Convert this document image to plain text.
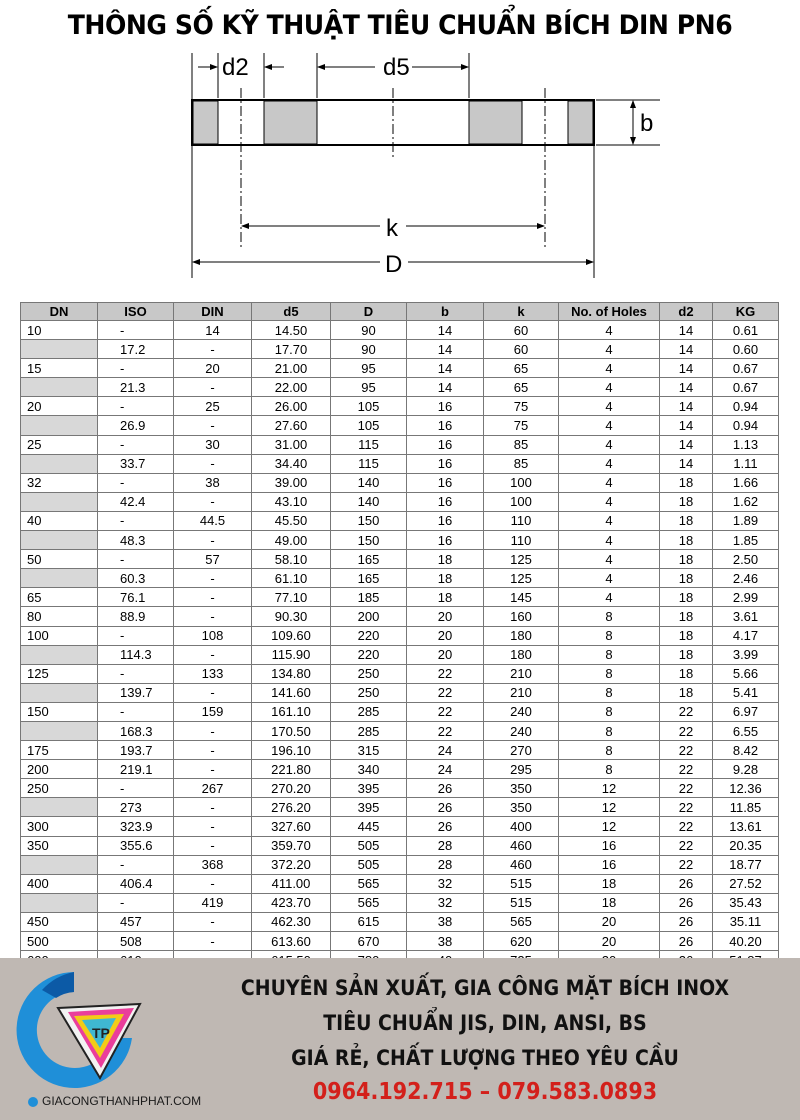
THÔNG SỐ KỸ THUẬT TIÊU CHUẨN BÍCH DIN PN6
d2	d5
b
k
D
DN	ISO	DIN	d5	D	b	k	No. of Holes	d2	KG
10	-	14	14.50	90	14	60	4	14	0.61
	17.2	-	17.70	90	14	60	4	14	0.60
15	-	20	21.00	95	14	65	4	14	0.67
	21.3	-	22.00	95	14	65	4	14	0.67
20	-	25	26.00	105	16	75	4	14	0.94
	26.9	-	27.60	105	16	75	4	14	0.94
25	-	30	31.00	115	16	85	4	14	1.13
	33.7	-	34.40	115	16	85	4	14	1.11
32	-	38	39.00	140	16	100	4	18	1.66
	42.4	-	43.10	140	16	100	4	18	1.62
40	-	44.5	45.50	150	16	110	4	18	1.89
	48.3	-	49.00	150	16	110	4	18	1.85
50	-	57	58.10	165	18	125	4	18	2.50
	60.3	-	61.10	165	18	125	4	18	2.46
65	76.1	-	77.10	185	18	145	4	18	2.99
80	88.9	-	90.30	200	20	160	8	18	3.61
100	-	108	109.60	220	20	180	8	18	4.17
	114.3	-	115.90	220	20	180	8	18	3.99
125	-	133	134.80	250	22	210	8	18	5.66
	139.7	-	141.60	250	22	210	8	18	5.41
150	-	159	161.10	285	22	240	8	22	6.97
	168.3	-	170.50	285	22	240	8	22	6.55
175	193.7	-	196.10	315	24	270	8	22	8.42
200	219.1	-	221.80	340	24	295	8	22	9.28
250	-	267	270.20	395	26	350	12	22	12.36
	273	-	276.20	395	26	350	12	22	11.85
300	323.9	-	327.60	445	26	400	12	22	13.61
350	355.6	-	359.70	505	28	460	16	22	20.35
	-	368	372.20	505	28	460	16	22	18.77
400	406.4	-	411.00	565	32	515	18	26	27.52
	-	419	423.70	565	32	515	18	26	35.43
450	457	-	462.30	615	38	565	20	26	35.11
500	508	-	613.60	670	38	620	20	26	40.20

TP
GIACONGTHANHPHAT.COM
CHUYÊN SẢN XUẤT, GIA CÔNG MẶT BÍCH INOX
TIÊU CHUẨN JIS, DIN, ANSI, BS
GIÁ RẺ, CHẤT LƯỢNG THEO YÊU CẦU
0964.192.715 – 079.583.0893
